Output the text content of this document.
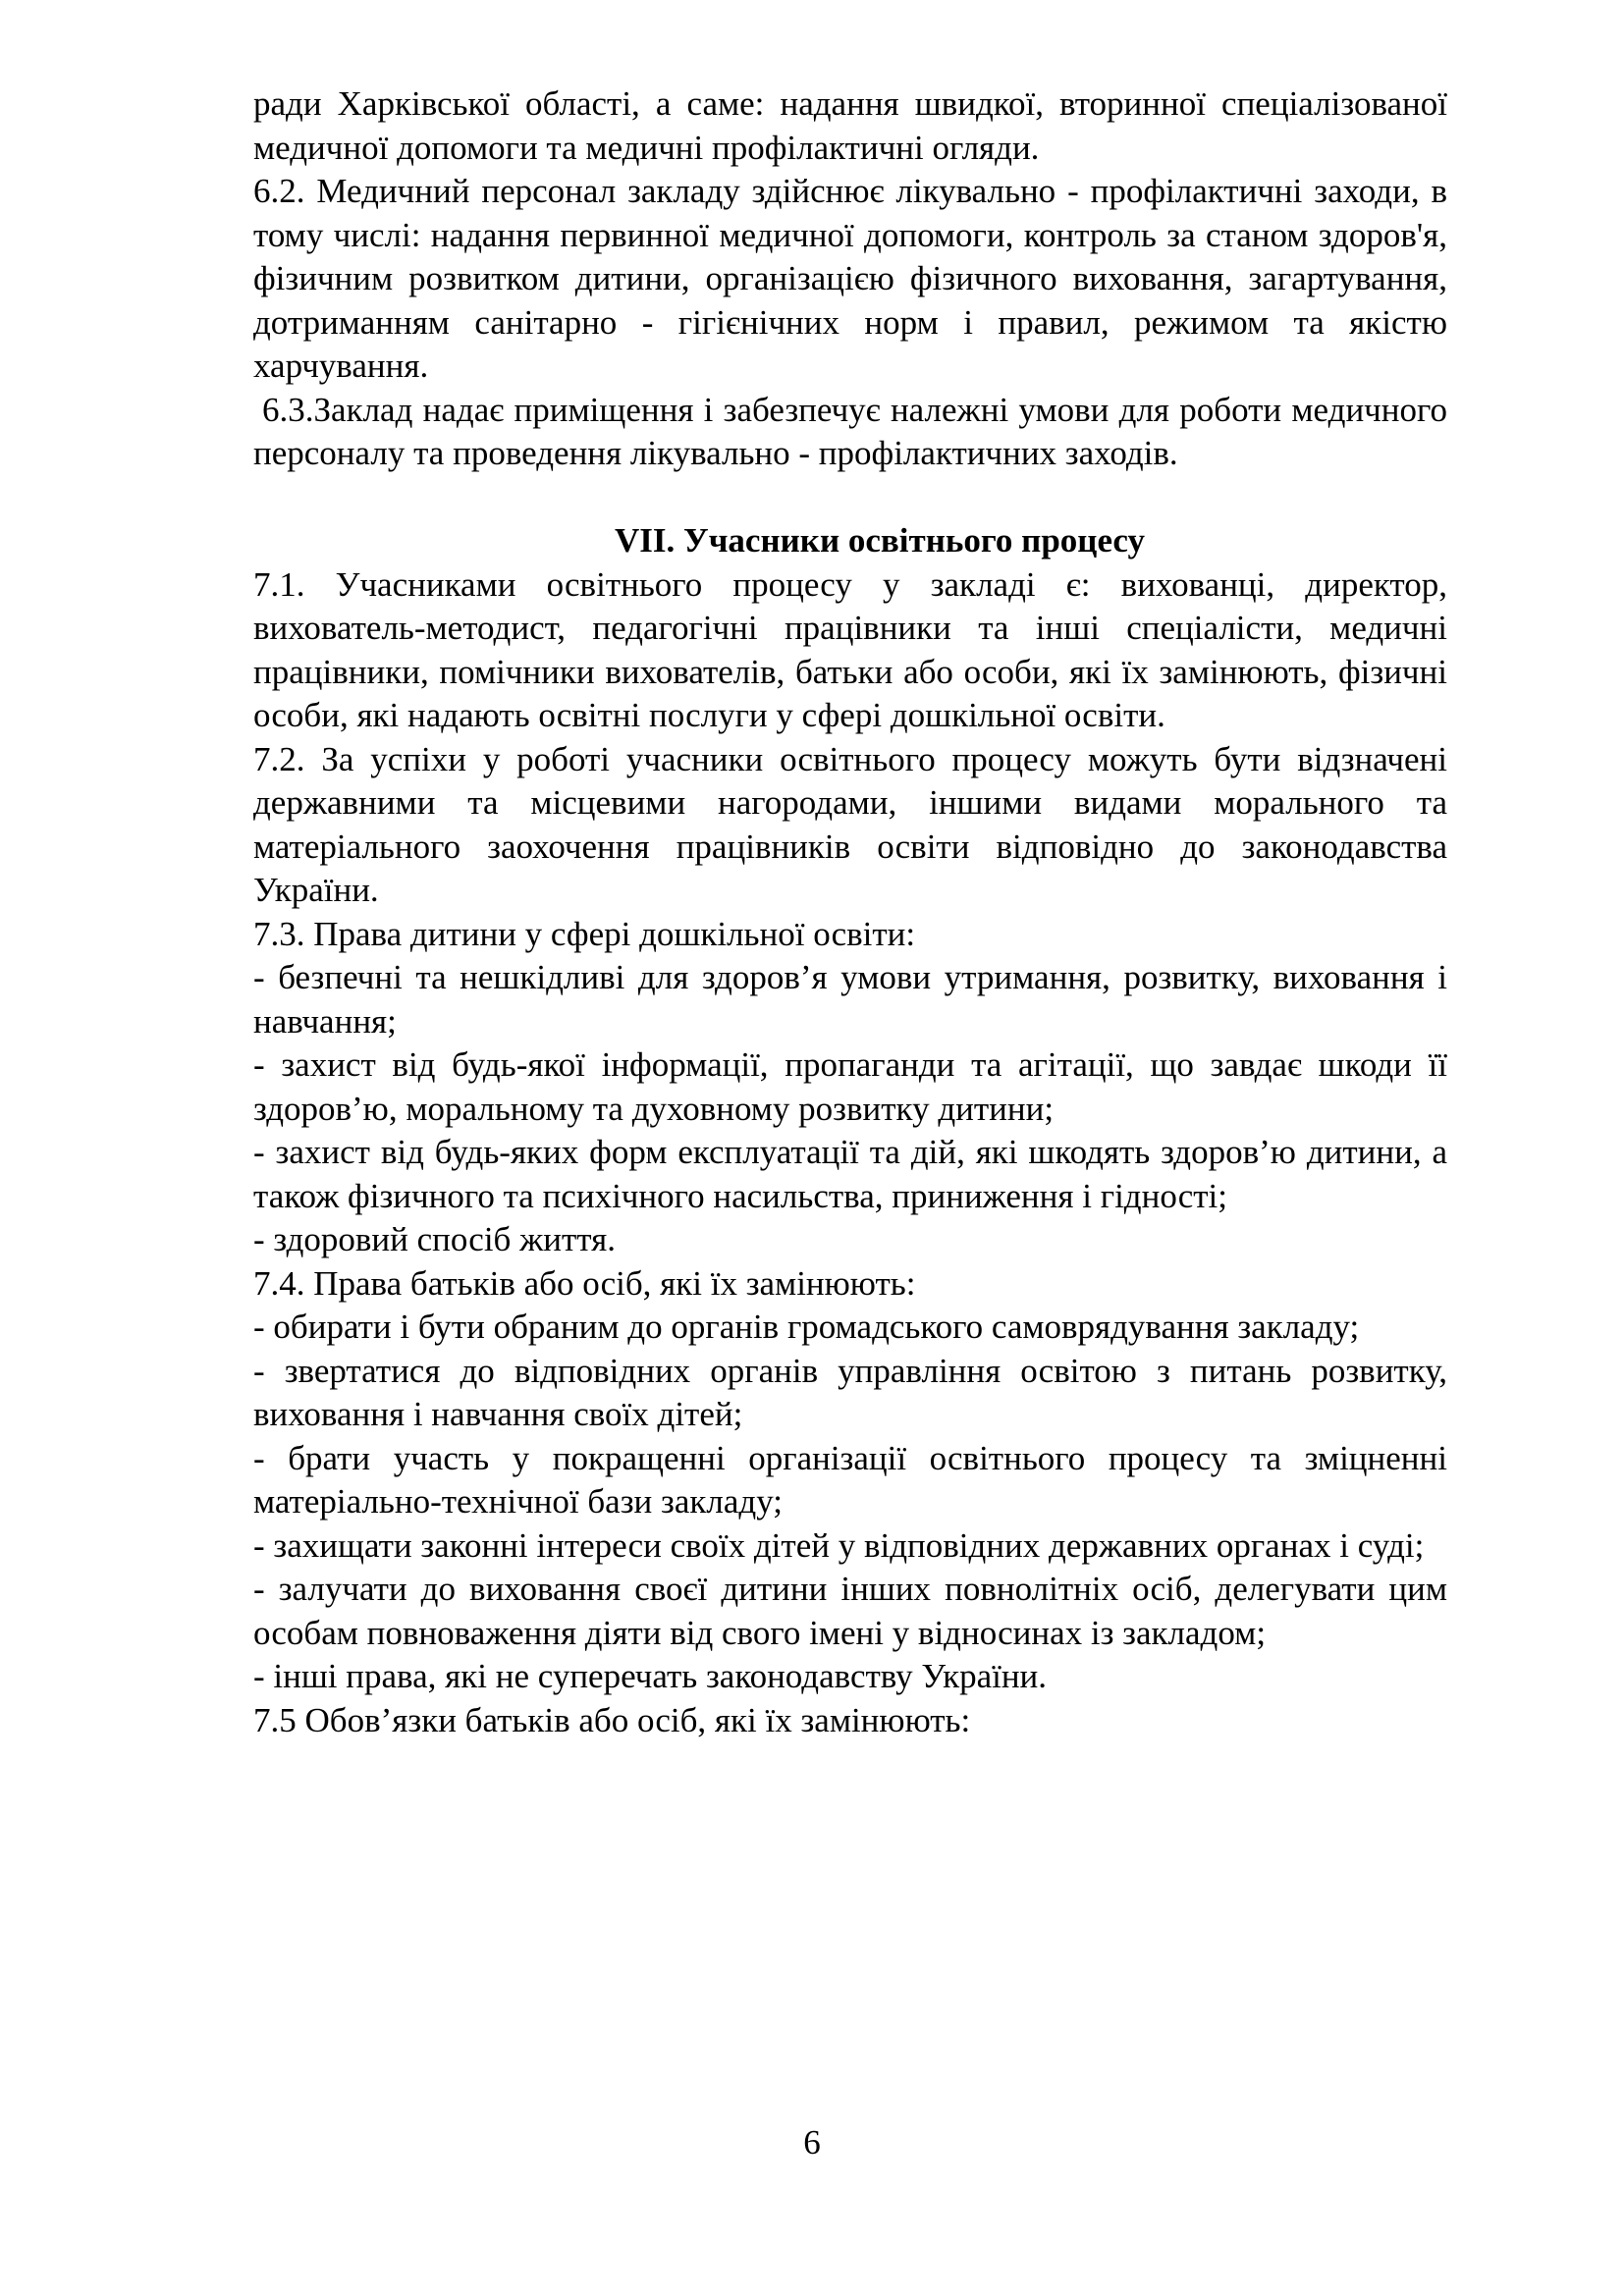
ради Харківської області, а саме: надання швидкої, вторинної спеціалізованої медичної допомоги та медичні профілактичні огляди.

6.2. Медичний персонал закладу здійснює лікувально - профілактичні заходи, в тому числі: надання первинної медичної допомоги, контроль за станом здоров'я, фізичним розвитком дитини, організацією фізичного виховання, загартування, дотриманням санітарно - гігієнічних норм і правил, режимом та якістю харчування.

6.3.Заклад надає приміщення і забезпечує належні умови для роботи медичного персоналу та проведення лікувально - профілактичних заходів.

VII. Учасники освітнього процесу

7.1. Учасниками освітнього процесу у закладі є: вихованці, директор, вихователь-методист, педагогічні працівники та інші спеціалісти, медичні працівники, помічники вихователів, батьки або особи, які їх замінюють, фізичні особи, які надають освітні послуги у сфері дошкільної освіти.

7.2. За успіхи у роботі учасники освітнього процесу можуть бути відзначені державними та місцевими нагородами, іншими видами морального та матеріального заохочення працівників освіти відповідно до законодавства України.

7.3. Права дитини у сфері дошкільної освіти:

- безпечні та нешкідливі для здоров’я умови утримання, розвитку, виховання і навчання;

- захист від будь-якої інформації, пропаганди та агітації, що завдає шкоди її здоров’ю, моральному та духовному розвитку дитини;

- захист від будь-яких форм експлуатації та дій, які шкодять здоров’ю дитини, а також фізичного та психічного насильства, приниження і гідності;

- здоровий спосіб життя.

7.4. Права батьків або осіб, які їх замінюють:

- обирати і бути обраним до органів громадського самоврядування закладу;

- звертатися до відповідних органів управління освітою з питань розвитку, виховання і навчання своїх дітей;

- брати участь у покращенні організації освітнього процесу та зміцненні матеріально-технічної бази закладу;

- захищати законні інтереси своїх дітей у відповідних державних органах і суді;

- залучати до виховання своєї дитини інших повнолітніх осіб, делегувати цим особам повноваження діяти від свого імені у відносинах із закладом;

- інші права, які не суперечать законодавству України.

7.5 Обов’язки батьків або осіб, які їх замінюють:

6
